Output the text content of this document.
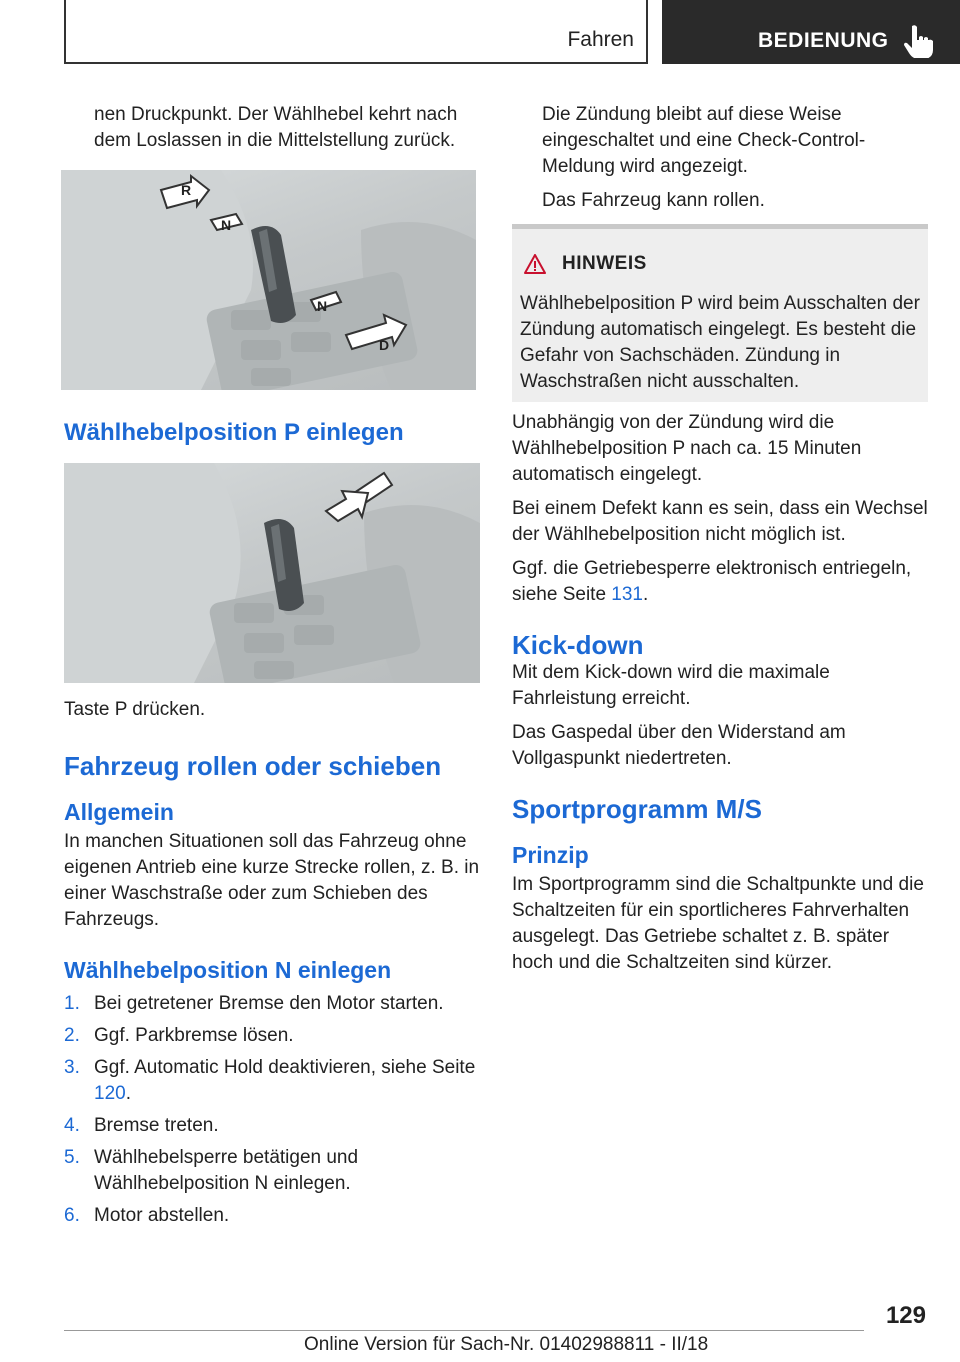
Fahren	BEDIENUNG

nen Druckpunkt. Der Wählhebel kehrt nach dem Loslassen in die Mittelstellung zurück.

R
N
N
D
Wählhebelposition P einlegen

Taste P drücken.

Fahrzeug rollen oder schieben
Allgemein

In manchen Situationen soll das Fahrzeug ohne eigenen Antrieb eine kurze Strecke rollen, z. B. in einer Waschstraße oder zum Schieben des Fahrzeugs.

Wählhebelposition N einlegen
1. Bei getretener Bremse den Motor starten.
2. Ggf. Parkbremse lösen.
3. Ggf. Automatic Hold deaktivieren, siehe Seite 120.
4. Bremse treten.
5. Wählhebelsperre betätigen und Wählhebelposition N einlegen.
6. Motor abstellen.

Die Zündung bleibt auf diese Weise eingeschaltet und eine Check-Control-Meldung wird angezeigt.

Das Fahrzeug kann rollen.

HINWEIS
Wählhebelposition P wird beim Ausschalten der Zündung automatisch eingelegt. Es besteht die Gefahr von Sachschäden. Zündung in Waschstraßen nicht ausschalten.

Unabhängig von der Zündung wird die Wählhebelposition P nach ca. 15 Minuten automatisch eingelegt.

Bei einem Defekt kann es sein, dass ein Wechsel der Wählhebelposition nicht möglich ist.

Ggf. die Getriebesperre elektronisch entriegeln, siehe Seite 131.

Kick-down

Mit dem Kick-down wird die maximale Fahrleistung erreicht.

Das Gaspedal über den Widerstand am Vollgaspunkt niedertreten.

Sportprogramm M/S
Prinzip

Im Sportprogramm sind die Schaltpunkte und die Schaltzeiten für ein sportlicheres Fahrverhalten ausgelegt. Das Getriebe schaltet z. B. später hoch und die Schaltzeiten sind kürzer.

129
Online Version für Sach-Nr. 01402988811 - II/18
